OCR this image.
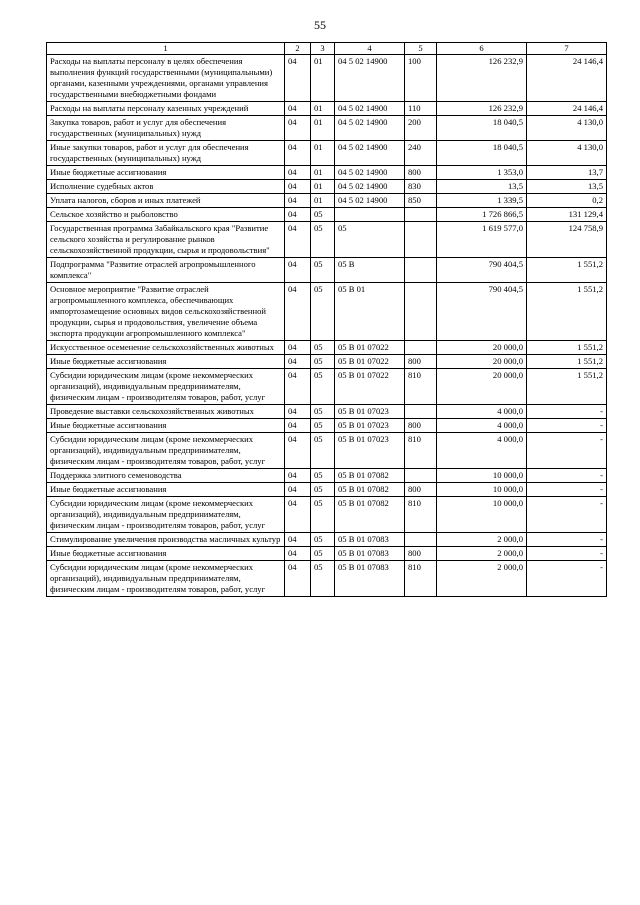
55
1	2	3	4	5	6	7
Расходы на выплаты персоналу в целях обеспечения выполнения функций государственными (муниципальными) органами, казенными учреждениями, органами управления государственными внебюджетными фондами	04	01	04 5 02 14900	100	126 232,9	24 146,4
Расходы на выплаты персоналу казенных учреждений	04	01	04 5 02 14900	110	126 232,9	24 146,4
Закупка товаров, работ и услуг для обеспечения государственных (муниципальных) нужд	04	01	04 5 02 14900	200	18 040,5	4 130,0
Иные закупки товаров, работ и услуг для обеспечения государственных (муниципальных) нужд	04	01	04 5 02 14900	240	18 040,5	4 130,0
Иные бюджетные ассигнования	04	01	04 5 02 14900	800	1 353,0	13,7
Исполнение судебных актов	04	01	04 5 02 14900	830	13,5	13,5
Уплата налогов, сборов и иных платежей	04	01	04 5 02 14900	850	1 339,5	0,2
Сельское хозяйство и рыболовство	04	05			1 726 866,5	131 129,4
Государственная программа Забайкальского края "Развитие сельского хозяйства и регулирование рынков сельскохозяйственной продукции, сырья и продовольствия"	04	05	05		1 619 577,0	124 758,9
Подпрограмма "Развитие отраслей агропромышленного комплекса"	04	05	05 В		790 404,5	1 551,2
Основное мероприятие "Развитие отраслей агропромышленного комплекса, обеспечивающих импортозамещение основных видов сельскохозяйственной продукции, сырья и продовольствия, увеличение объема экспорта продукции агропромышленного комплекса"	04	05	05 В 01		790 404,5	1 551,2
Искусственное осеменение сельскохозяйственных животных	04	05	05 В 01 07022		20 000,0	1 551,2
Иные бюджетные ассигнования	04	05	05 В 01 07022	800	20 000,0	1 551,2
Субсидии юридическим лицам (кроме некоммерческих организаций), индивидуальным предпринимателям, физическим лицам - производителям товаров, работ, услуг	04	05	05 В 01 07022	810	20 000,0	1 551,2
Проведение выставки сельскохозяйственных животных	04	05	05 В 01 07023		4 000,0	-
Иные бюджетные ассигнования	04	05	05 В 01 07023	800	4 000,0	-
Субсидии юридическим лицам (кроме некоммерческих организаций), индивидуальным предпринимателям, физическим лицам - производителям товаров, работ, услуг	04	05	05 В 01 07023	810	4 000,0	-
Поддержка элитного семеноводства	04	05	05 В 01 07082		10 000,0	-
Иные бюджетные ассигнования	04	05	05 В 01 07082	800	10 000,0	-
Субсидии юридическим лицам (кроме некоммерческих организаций), индивидуальным предпринимателям, физическим лицам - производителям товаров, работ, услуг	04	05	05 В 01 07082	810	10 000,0	-
Стимулирование увеличения производства масличных культур	04	05	05 В 01 07083		2 000,0	-
Иные бюджетные ассигнования	04	05	05 В 01 07083	800	2 000,0	-
Субсидии юридическим лицам (кроме некоммерческих организаций), индивидуальным предпринимателям, физическим лицам - производителям товаров, работ, услуг	04	05	05 В 01 07083	810	2 000,0	-
